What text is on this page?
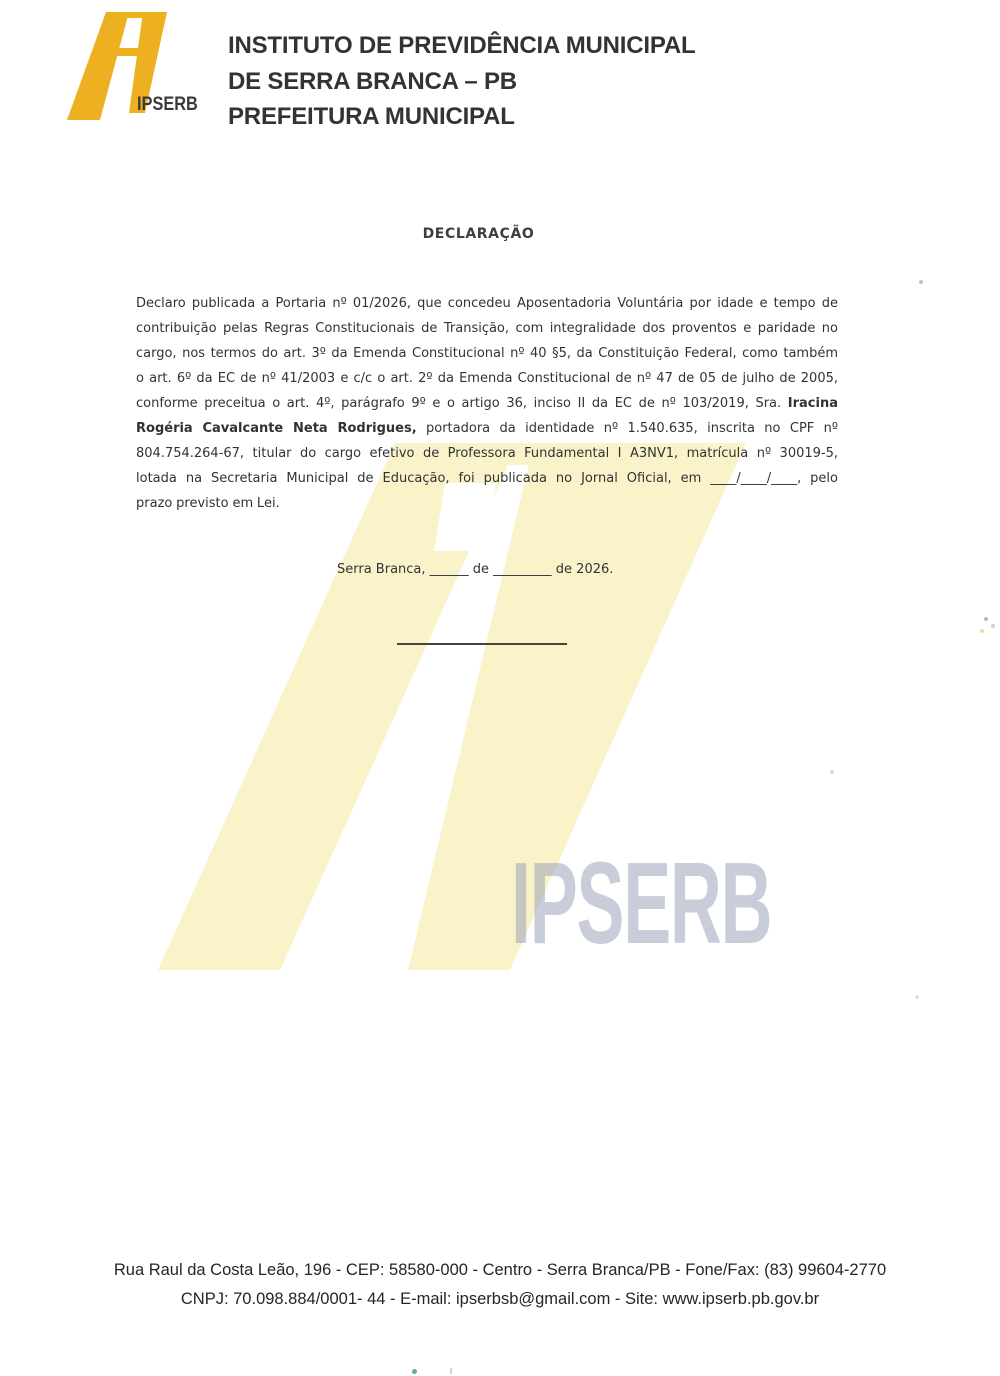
IPSERB
IPSERB
INSTITUTO DE PREVIDÊNCIA MUNICIPAL
DE SERRA BRANCA – PB
PREFEITURA MUNICIPAL
DECLARAÇÃO
Declaro publicada a Portaria nº 01/2026, que concedeu Aposentadoria Voluntária por idade e tempo de
contribuição pelas Regras Constitucionais de Transição, com integralidade dos proventos e paridade no
cargo, nos termos do art. 3º da Emenda Constitucional nº 40 §5, da Constituição Federal, como também
o art. 6º da EC de nº 41/2003 e c/c o art. 2º da Emenda Constitucional de nº 47 de 05 de julho de 2005,
conforme preceitua o art. 4º, parágrafo 9º e o artigo 36, inciso II da EC de nº 103/2019, Sra. Iracina
Rogéria Cavalcante Neta Rodrigues, portadora da identidade nº 1.540.635, inscrita no CPF nº
804.754.264-67, titular do cargo efetivo de Professora Fundamental I A3NV1, matrícula nº 30019-5,
lotada na Secretaria Municipal de Educação, foi publicada no Jornal Oficial, em ____/____/____, pelo
prazo previsto em Lei.
Serra Branca, ______ de _________ de 2026.
Rua Raul da Costa Leão, 196 - CEP: 58580-000 - Centro - Serra Branca/PB - Fone/Fax: (83) 99604-2770
CNPJ: 70.098.884/0001- 44 - E-mail: ipserbsb@gmail.com - Site: www.ipserb.pb.gov.br
